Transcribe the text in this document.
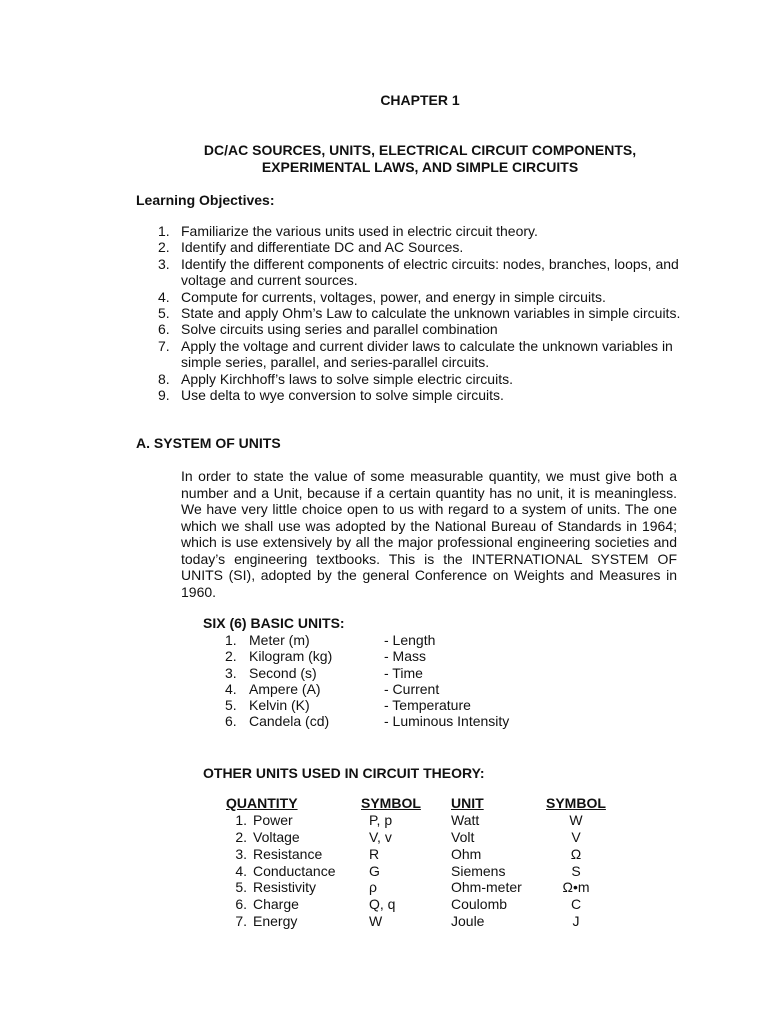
CHAPTER 1
DC/AC SOURCES, UNITS, ELECTRICAL CIRCUIT COMPONENTS,
EXPERIMENTAL LAWS, AND SIMPLE CIRCUITS
Learning Objectives:
1. Familiarize the various units used in electric circuit theory.
2. Identify and differentiate DC and AC Sources.
3. Identify the different components of electric circuits: nodes, branches, loops, and voltage and current sources.
4. Compute for currents, voltages, power, and energy in simple circuits.
5. State and apply Ohm’s Law to calculate the unknown variables in simple circuits.
6. Solve circuits using series and parallel combination
7. Apply the voltage and current divider laws to calculate the unknown variables in simple series, parallel, and series-parallel circuits.
8. Apply Kirchhoff’s laws to solve simple electric circuits.
9. Use delta to wye conversion to solve simple circuits.
A. SYSTEM OF UNITS
In order to state the value of some measurable quantity, we must give both a number and a Unit, because if a certain quantity has no unit, it is meaningless. We have very little choice open to us with regard to a system of units. The one which we shall use was adopted by the National Bureau of Standards in 1964; which is use extensively by all the major professional engineering societies and today’s engineering textbooks. This is the INTERNATIONAL SYSTEM OF UNITS (SI), adopted by the general Conference on Weights and Measures in 1960.
SIX (6) BASIC UNITS:
1. Meter (m)	- Length
2. Kilogram (kg)	- Mass
3. Second (s)	- Time
4. Ampere (A)	- Current
5. Kelvin (K)	- Temperature
6. Candela (cd)	- Luminous Intensity
OTHER UNITS USED IN CIRCUIT THEORY:
QUANTITY	SYMBOL	UNIT	SYMBOL
1. Power	P, p	Watt	W
2. Voltage	V, v	Volt	V
3. Resistance	R	Ohm	Ω
4. Conductance	G	Siemens	S
5. Resistivity	ρ	Ohm-meter	Ω•m
6. Charge	Q, q	Coulomb	C
7. Energy	W	Joule	J
